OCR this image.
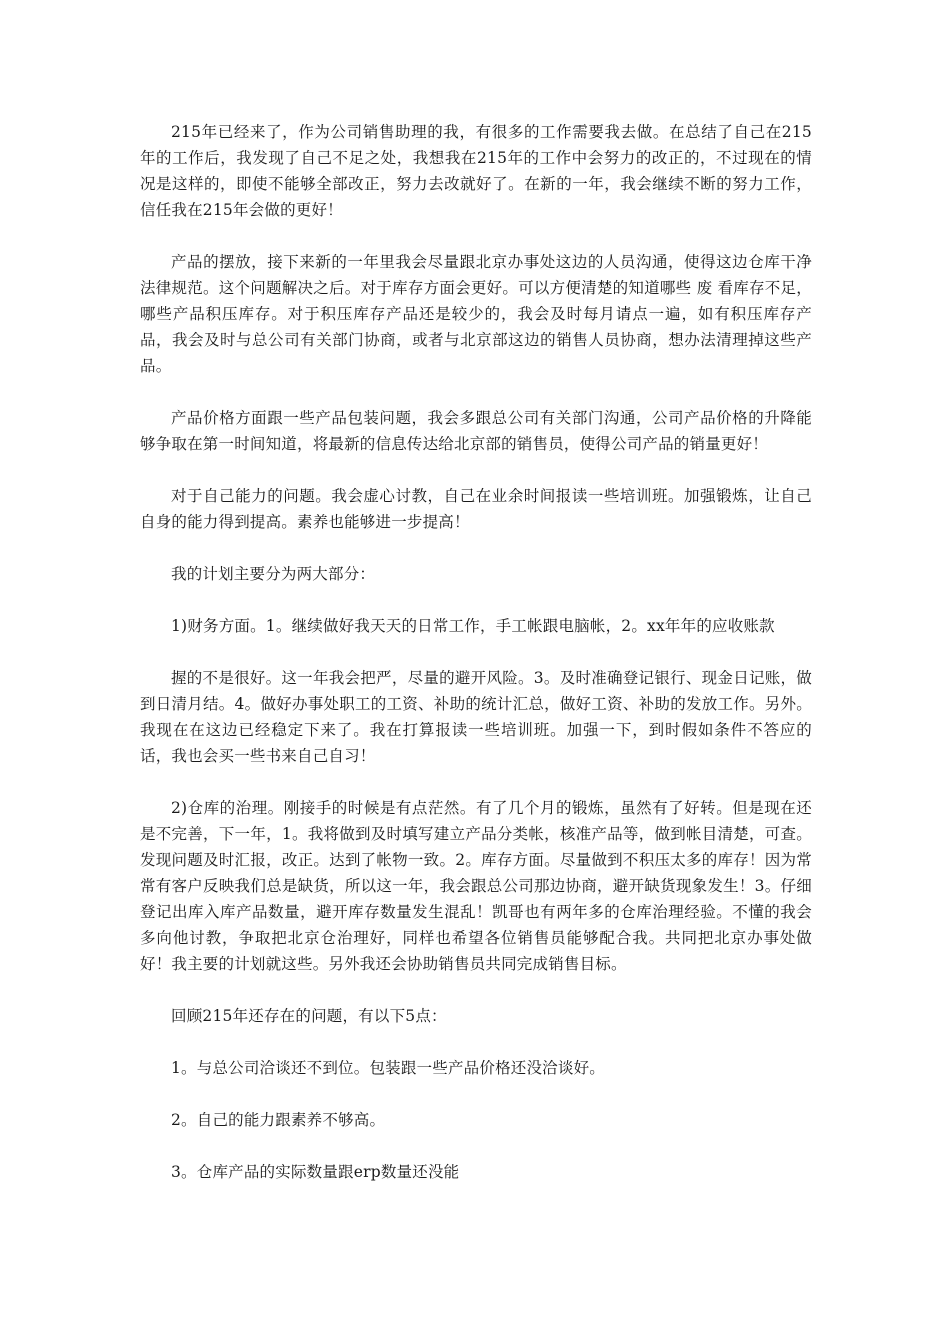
215年已经来了，作为公司销售助理的我，有很多的工作需要我去做。在总结了自己在215年的工作后，我发现了自己不足之处，我想我在215年的工作中会努力的改正的，不过现在的情况是这样的，即使不能够全部改正，努力去改就好了。在新的一年，我会继续不断的努力工作，信任我在215年会做的更好！

产品的摆放，接下来新的一年里我会尽量跟北京办事处这边的人员沟通，使得这边仓库干净法律规范。这个问题解决之后。对于库存方面会更好。可以方便清楚的知道哪些 废 看库存不足，哪些产品积压库存。对于积压库存产品还是较少的，我会及时每月请点一遍，如有积压库存产品，我会及时与总公司有关部门协商，或者与北京部这边的销售人员协商，想办法清理掉这些产品。

产品价格方面跟一些产品包装问题，我会多跟总公司有关部门沟通，公司产品价格的升降能够争取在第一时间知道，将最新的信息传达给北京部的销售员，使得公司产品的销量更好！

对于自己能力的问题。我会虚心讨教，自己在业余时间报读一些培训班。加强锻炼，让自己自身的能力得到提高。素养也能够进一步提高！

我的计划主要分为两大部分：

1)财务方面。1。继续做好我天天的日常工作，手工帐跟电脑帐，2。xx年年的应收账款

握的不是很好。这一年我会把严，尽量的避开风险。3。及时准确登记银行、现金日记账，做到日清月结。4。做好办事处职工的工资、补助的统计汇总，做好工资、补助的发放工作。另外。我现在在这边已经稳定下来了。我在打算报读一些培训班。加强一下，到时假如条件不答应的话，我也会买一些书来自己自习！

2)仓库的治理。刚接手的时候是有点茫然。有了几个月的锻炼，虽然有了好转。但是现在还是不完善，下一年，1。我将做到及时填写建立产品分类帐，核准产品等，做到帐目清楚，可查。发现问题及时汇报，改正。达到了帐物一致。2。库存方面。尽量做到不积压太多的库存！因为常常有客户反映我们总是缺货，所以这一年，我会跟总公司那边协商，避开缺货现象发生！3。仔细登记出库入库产品数量，避开库存数量发生混乱！凯哥也有两年多的仓库治理经验。不懂的我会多向他讨教，争取把北京仓治理好，同样也希望各位销售员能够配合我。共同把北京办事处做好！我主要的计划就这些。另外我还会协助销售员共同完成销售目标。

回顾215年还存在的问题，有以下5点：

1。与总公司洽谈还不到位。包装跟一些产品价格还没洽谈好。

2。自己的能力跟素养不够高。

3。仓库产品的实际数量跟erp数量还没能
